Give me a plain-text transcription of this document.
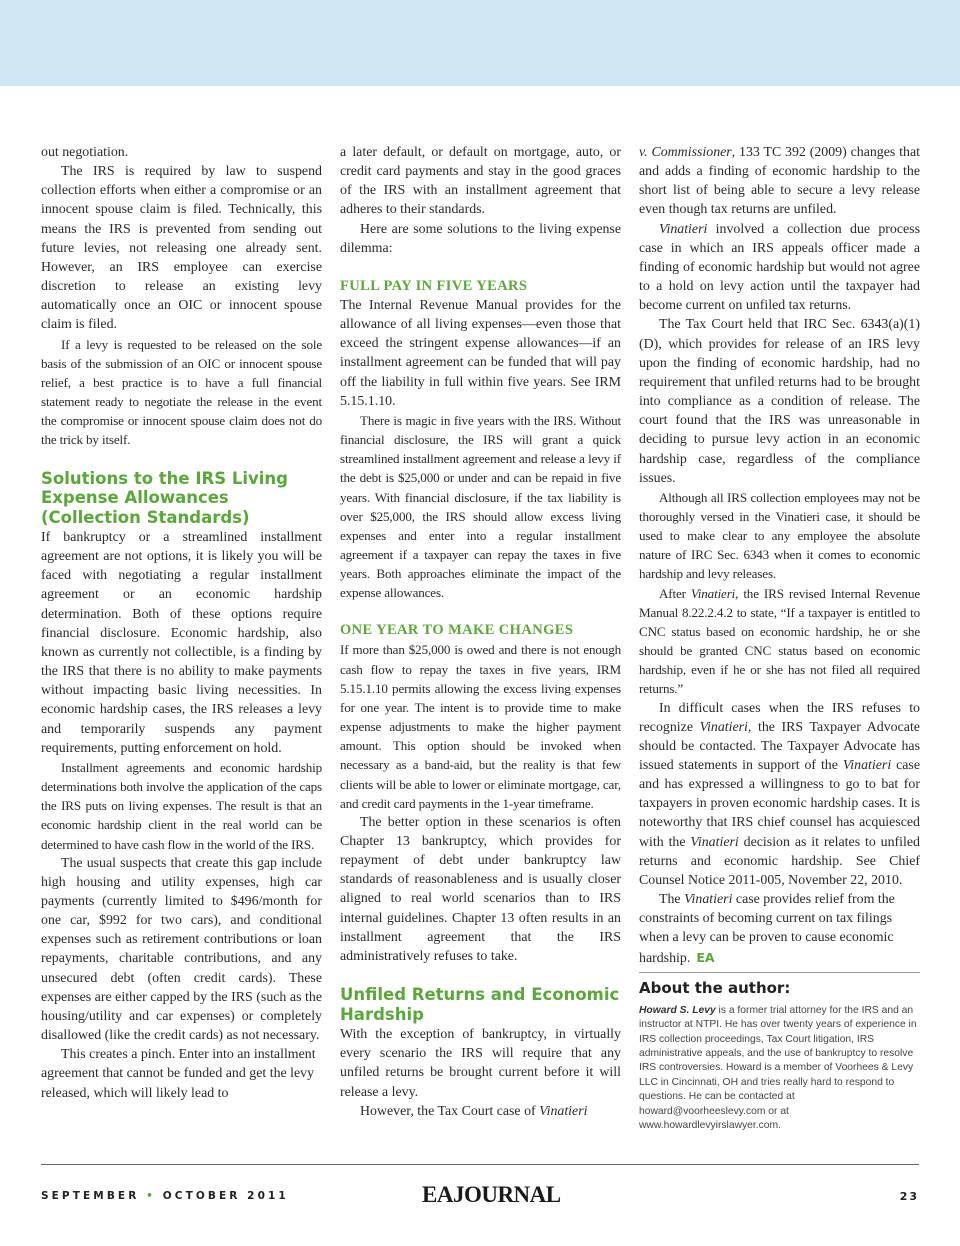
out negotiation.

The IRS is required by law to suspend collection efforts when either a compromise or an innocent spouse claim is filed. Technically, this means the IRS is prevented from sending out future levies, not releasing one already sent. However, an IRS employee can exercise discretion to release an existing levy automatically once an OIC or innocent spouse claim is filed.

If a levy is requested to be released on the sole basis of the submission of an OIC or innocent spouse relief, a best practice is to have a full financial statement ready to negotiate the release in the event the compromise or innocent spouse claim does not do the trick by itself.

Solutions to the IRS Living Expense Allowances (Collection Standards)

If bankruptcy or a streamlined installment agreement are not options, it is likely you will be faced with negotiating a regular installment agreement or an economic hardship determination. Both of these options require financial disclosure. Economic hardship, also known as currently not collectible, is a finding by the IRS that there is no ability to make payments without impacting basic living necessities. In economic hardship cases, the IRS releases a levy and temporarily suspends any payment requirements, putting enforcement on hold.

Installment agreements and economic hardship determinations both involve the application of the caps the IRS puts on living expenses. The result is that an economic hardship client in the real world can be determined to have cash flow in the world of the IRS.

The usual suspects that create this gap include high housing and utility expenses, high car payments (currently limited to $496/month for one car, $992 for two cars), and conditional expenses such as retirement contributions or loan repayments, charitable contributions, and any unsecured debt (often credit cards). These expenses are either capped by the IRS (such as the housing/utility and car expenses) or completely disallowed (like the credit cards) as not necessary.

This creates a pinch. Enter into an installment agreement that cannot be funded and get the levy released, which will likely lead to

a later default, or default on mortgage, auto, or credit card payments and stay in the good graces of the IRS with an installment agreement that adheres to their standards.

Here are some solutions to the living expense dilemma:

FULL PAY IN FIVE YEARS

The Internal Revenue Manual provides for the allowance of all living expenses—even those that exceed the stringent expense allowances—if an installment agreement can be funded that will pay off the liability in full within five years. See IRM 5.15.1.10.

There is magic in five years with the IRS. Without financial disclosure, the IRS will grant a quick streamlined installment agreement and release a levy if the debt is $25,000 or under and can be repaid in five years. With financial disclosure, if the tax liability is over $25,000, the IRS should allow excess living expenses and enter into a regular installment agreement if a taxpayer can repay the taxes in five years. Both approaches eliminate the impact of the expense allowances.

ONE YEAR TO MAKE CHANGES

If more than $25,000 is owed and there is not enough cash flow to repay the taxes in five years, IRM 5.15.1.10 permits allowing the excess living expenses for one year. The intent is to provide time to make expense adjustments to make the higher payment amount. This option should be invoked when necessary as a band-aid, but the reality is that few clients will be able to lower or eliminate mortgage, car, and credit card payments in the 1-year timeframe.

The better option in these scenarios is often Chapter 13 bankruptcy, which provides for repayment of debt under bankruptcy law standards of reasonableness and is usually closer aligned to real world scenarios than to IRS internal guidelines. Chapter 13 often results in an installment agreement that the IRS administratively refuses to take.

Unfiled Returns and Economic Hardship

With the exception of bankruptcy, in virtually every scenario the IRS will require that any unfiled returns be brought current before it will release a levy.

However, the Tax Court case of Vinatieri

v. Commissioner, 133 TC 392 (2009) changes that and adds a finding of economic hardship to the short list of being able to secure a levy release even though tax returns are unfiled.

Vinatieri involved a collection due process case in which an IRS appeals officer made a finding of economic hardship but would not agree to a hold on levy action until the taxpayer had become current on unfiled tax returns.

The Tax Court held that IRC Sec. 6343(a)(1)(D), which provides for release of an IRS levy upon the finding of economic hardship, had no requirement that unfiled returns had to be brought into compliance as a condition of release. The court found that the IRS was unreasonable in deciding to pursue levy action in an economic hardship case, regardless of the compliance issues.

Although all IRS collection employees may not be thoroughly versed in the Vinatieri case, it should be used to make clear to any employee the absolute nature of IRC Sec. 6343 when it comes to economic hardship and levy releases.

After Vinatieri, the IRS revised Internal Revenue Manual 8.22.2.4.2 to state, “If a taxpayer is entitled to CNC status based on economic hardship, he or she should be granted CNC status based on economic hardship, even if he or she has not filed all required returns.”

In difficult cases when the IRS refuses to recognize Vinatieri, the IRS Taxpayer Advocate should be contacted. The Taxpayer Advocate has issued statements in support of the Vinatieri case and has expressed a willingness to go to bat for taxpayers in proven economic hardship cases. It is noteworthy that IRS chief counsel has acquiesced with the Vinatieri decision as it relates to unfiled returns and economic hardship. See Chief Counsel Notice 2011-005, November 22, 2010.

The Vinatieri case provides relief from the constraints of becoming current on tax filings when a levy can be proven to cause economic hardship. EA

About the author:
Howard S. Levy is a former trial attorney for the IRS and an instructor at NTPI. He has over twenty years of experience in IRS collection proceedings, Tax Court litigation, IRS administrative appeals, and the use of bankruptcy to resolve IRS controversies. Howard is a member of Voorhees & Levy LLC in Cincinnati, OH and tries really hard to respond to questions. He can be contacted at howard@voorheeslevy.com or at www.howardlevyirslawyer.com.
SEPTEMBER • OCTOBER 2011	EAJOURNAL	23
